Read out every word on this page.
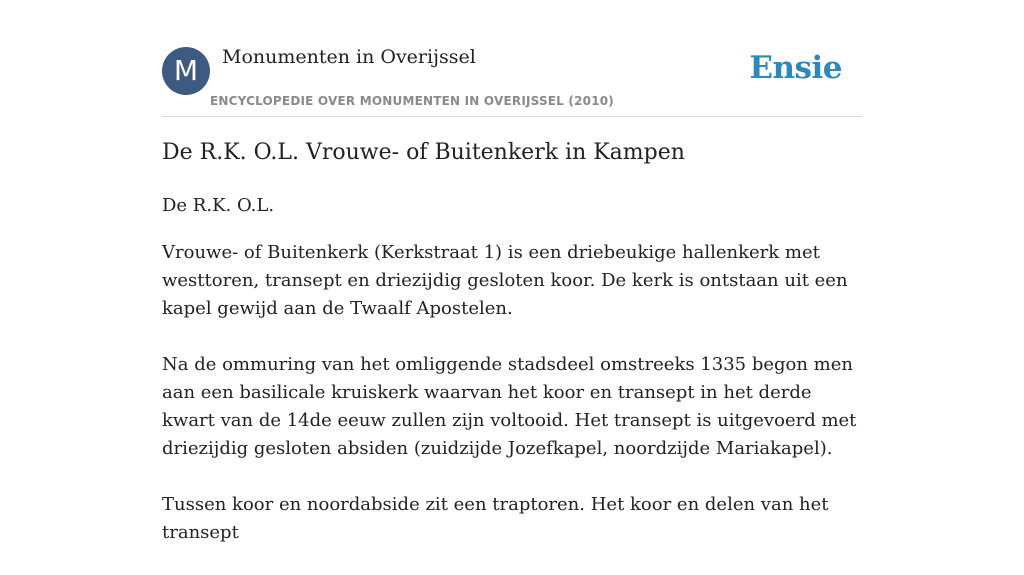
M	Monumenten in Overijssel
ENCYCLOPEDIE OVER MONUMENTEN IN OVERIJSSEL (2010)
Ensie
De R.K. O.L. Vrouwe- of Buitenkerk in Kampen

De R.K. O.L.

Vrouwe- of Buitenkerk (Kerkstraat 1) is een driebeukige hallenkerk met westtoren, transept en driezijdig gesloten koor. De kerk is ontstaan uit een kapel gewijd aan de Twaalf Apostelen.

Na de ommuring van het omliggende stadsdeel omstreeks 1335 begon men aan een basilicale kruiskerk waarvan het koor en transept in het derde kwart van de 14de eeuw zullen zijn voltooid. Het transept is uitgevoerd met driezijdig gesloten absiden (zuidzijde Jozefkapel, noordzijde Mariakapel).

Tussen koor en noordabside zit een traptoren. Het koor en delen van het transept
